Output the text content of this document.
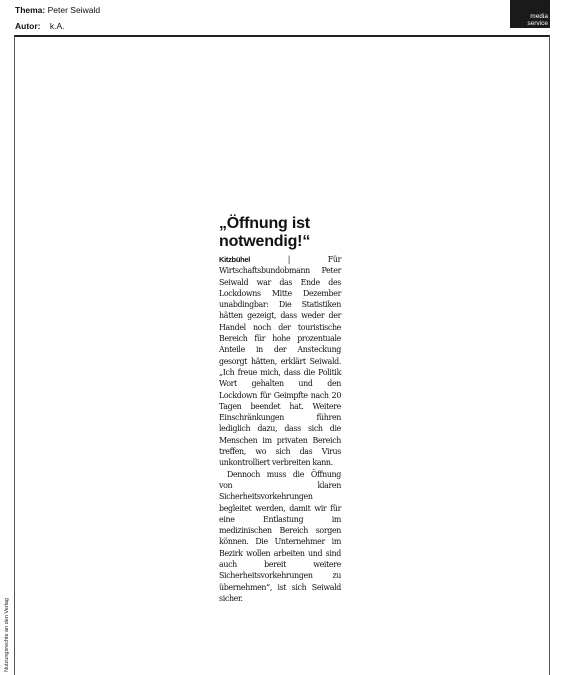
Thema: Peter Seiwald
Autor: k.A.
media
service
Nutzungsrechte an den Verlag
„Öffnung ist notwendig!“

Kitzbühel | Für Wirtschaftsbundobmann Peter Seiwald war das Ende des Lockdowns Mitte Dezember unabdingbar: Die Statistiken hätten gezeigt, dass weder der Handel noch der touristische Bereich für hohe prozentuale Anteile in der Ansteckung gesorgt hätten, erklärt Seiwald. „Ich freue mich, dass die Politik Wort gehalten und den Lockdown für Geimpfte nach 20 Tagen beendet hat. Weitere Einschränkungen führen lediglich dazu, dass sich die Menschen im privaten Bereich treffen, wo sich das Virus unkontrolliert verbreiten kann.

Dennoch muss die Öffnung von klaren Sicherheitsvorkehrungen begleitet werden, damit wir für eine Entlastung im medizinischen Bereich sorgen können. Die Unternehmer im Bezirk wollen arbeiten und sind auch bereit weitere Sicherheitsvorkehrungen zu übernehmen“, ist sich Seiwald sicher.
